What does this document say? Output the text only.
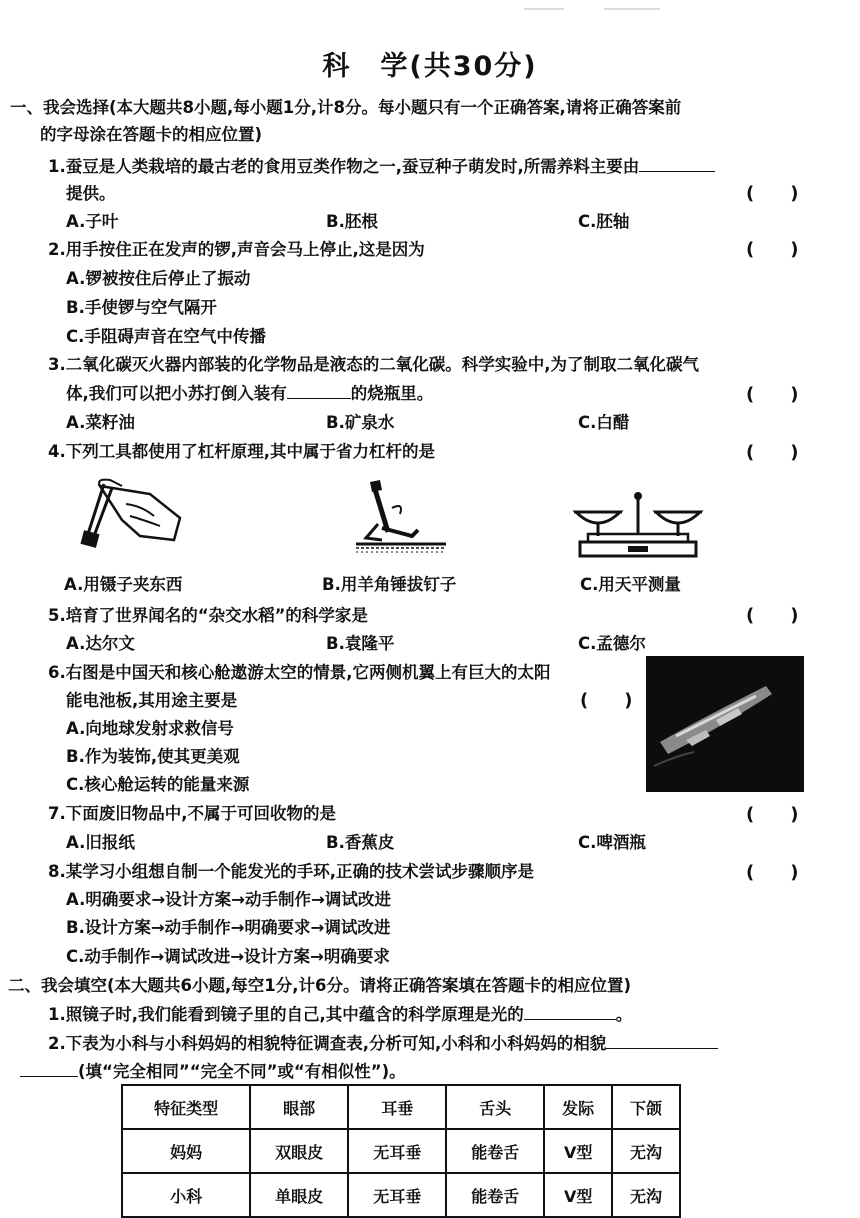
科　学(共30分)
一、我会选择(本大题共8小题,每小题1分,计8分。每小题只有一个正确答案,请将正确答案前
的字母涂在答题卡的相应位置)
1.蚕豆是人类栽培的最古老的食用豆类作物之一,蚕豆种子萌发时,所需养料主要由
提供。	(　　)
A.子叶	B.胚根	C.胚轴
2.用手按住正在发声的锣,声音会马上停止,这是因为	(　　)
A.锣被按住后停止了振动
B.手使锣与空气隔开
C.手阻碍声音在空气中传播
3.二氧化碳灭火器内部装的化学物品是液态的二氧化碳。科学实验中,为了制取二氧化碳气
体,我们可以把小苏打倒入装有	的烧瓶里。	(　　)
A.菜籽油	B.矿泉水	C.白醋
4.下列工具都使用了杠杆原理,其中属于省力杠杆的是	(　　)
A.用镊子夹东西	B.用羊角锤拔钉子	C.用天平测量
5.培育了世界闻名的“杂交水稻”的科学家是	(　　)
A.达尔文	B.袁隆平	C.孟德尔
6.右图是中国天和核心舱遨游太空的情景,它两侧机翼上有巨大的太阳
能电池板,其用途主要是	(　　)
A.向地球发射求救信号
B.作为装饰,使其更美观
C.核心舱运转的能量来源
7.下面废旧物品中,不属于可回收物的是	(　　)
A.旧报纸	B.香蕉皮	C.啤酒瓶
8.某学习小组想自制一个能发光的手环,正确的技术尝试步骤顺序是	(　　)
A.明确要求→设计方案→动手制作→调试改进
B.设计方案→动手制作→明确要求→调试改进
C.动手制作→调试改进→设计方案→明确要求
二、我会填空(本大题共6小题,每空1分,计6分。请将正确答案填在答题卡的相应位置)
1.照镜子时,我们能看到镜子里的自己,其中蕴含的科学原理是光的	。
2.下表为小科与小科妈妈的相貌特征调查表,分析可知,小科和小科妈妈的相貌
(填“完全相同”“完全不同”或“有相似性”)。
特征类型	眼部	耳垂	舌头	发际	下颌
妈妈	双眼皮	无耳垂	能卷舌	V型	无沟
小科	单眼皮	无耳垂	能卷舌	V型	无沟
